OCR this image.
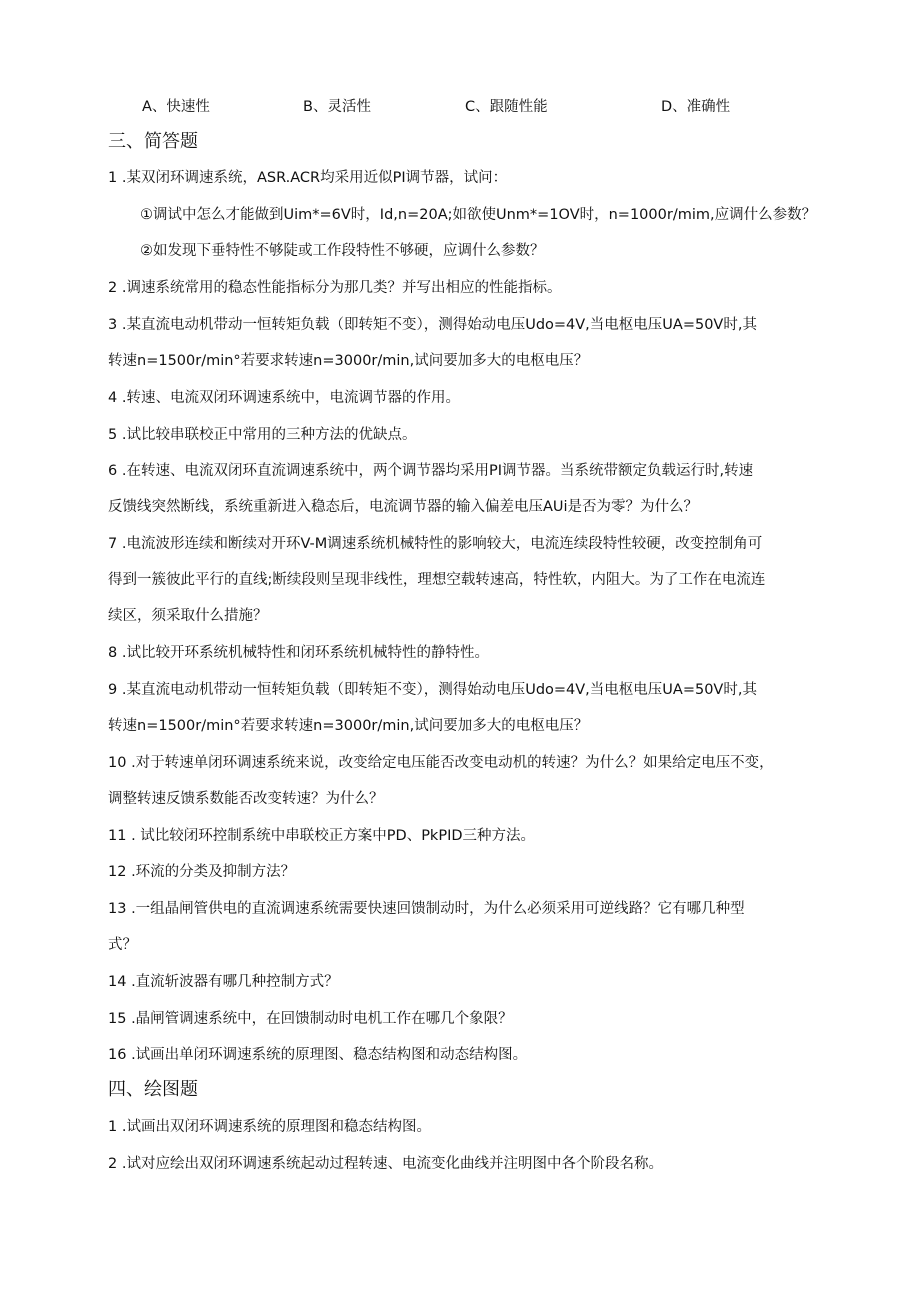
A、快速性	B、灵活性	C、跟随性能	D、准确性
三、简答题
1 .某双闭环调速系统，ASR.ACR均采用近似PI调节器，试问：
①调试中怎么才能做到Uim*=6V时，Id,n=20A;如欲使Unm*=1OV时，n=1000r∕mim,应调什么参数？
②如发现下垂特性不够陡或工作段特性不够硬，应调什么参数？
2 .调速系统常用的稳态性能指标分为那几类？并写出相应的性能指标。
3 .某直流电动机带动一恒转矩负载（即转矩不变），测得始动电压Udo=4V,当电枢电压UA=50V时,其
转速n=1500r∕min°若要求转速n=3000r∕min,试问要加多大的电枢电压？
4 .转速、电流双闭环调速系统中，电流调节器的作用。
5 .试比较串联校正中常用的三种方法的优缺点。
6 .在转速、电流双闭环直流调速系统中，两个调节器均采用PI调节器。当系统带额定负载运行时,转速
反馈线突然断线，系统重新进入稳态后，电流调节器的输入偏差电压AUi是否为零？为什么？
7 .电流波形连续和断续对开环V-M调速系统机械特性的影响较大，电流连续段特性较硬，改变控制角可
得到一簇彼此平行的直线;断续段则呈现非线性，理想空载转速高，特性软，内阻大。为了工作在电流连
续区，须采取什么措施？
8 .试比较开环系统机械特性和闭环系统机械特性的静特性。
9 .某直流电动机带动一恒转矩负载（即转矩不变），测得始动电压Udo=4V,当电枢电压UA=50V时,其
转速n=1500r∕min°若要求转速n=3000r∕min,试问要加多大的电枢电压？
10 .对于转速单闭环调速系统来说，改变给定电压能否改变电动机的转速？为什么？如果给定电压不变，
调整转速反馈系数能否改变转速？为什么？
11 . 试比较闭环控制系统中串联校正方案中PD、PkPID三种方法。
12 .环流的分类及抑制方法？
13 .一组晶闸管供电的直流调速系统需要快速回馈制动时，为什么必须采用可逆线路？它有哪几种型
式？
14 .直流斩波器有哪几种控制方式？
15 .晶闸管调速系统中，在回馈制动时电机工作在哪几个象限？
16 .试画出单闭环调速系统的原理图、稳态结构图和动态结构图。
四、绘图题
1 .试画出双闭环调速系统的原理图和稳态结构图。
2 .试对应绘出双闭环调速系统起动过程转速、电流变化曲线并注明图中各个阶段名称。
